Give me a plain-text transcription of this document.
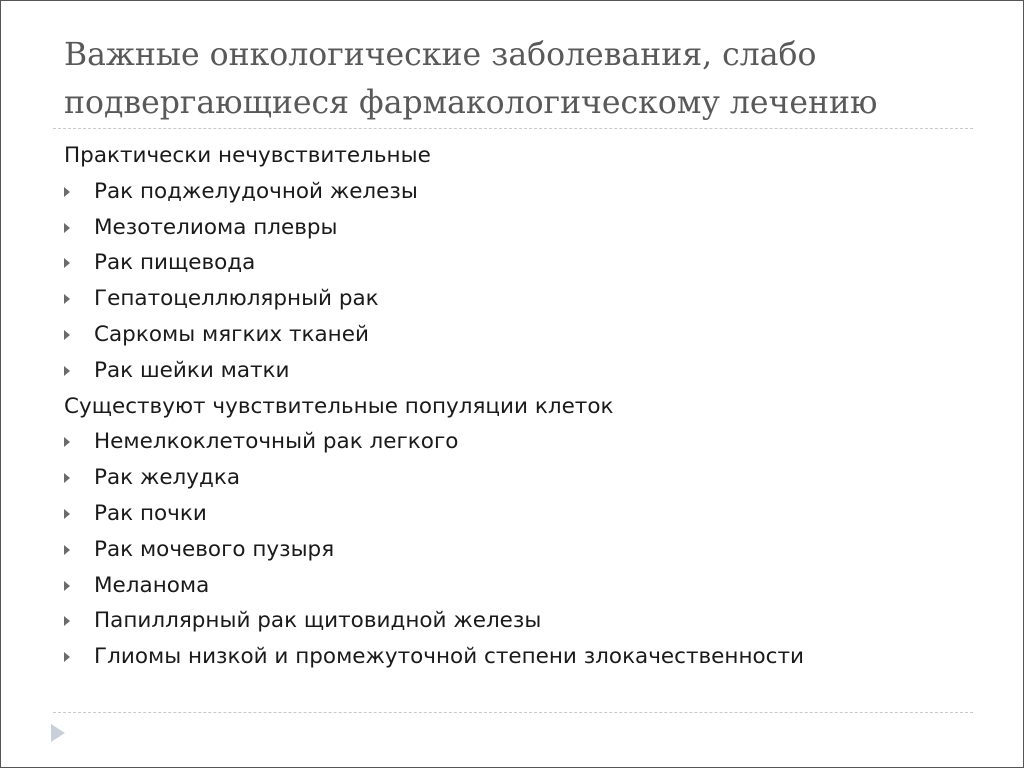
Важные онкологические заболевания, слабо
подвергающиеся фармакологическому лечению
Практически нечувствительные
Рак поджелудочной железы
Мезотелиома плевры
Рак пищевода
Гепатоцеллюлярный рак
Саркомы мягких тканей
Рак шейки матки
Существуют чувствительные популяции клеток
Немелкоклеточный рак легкого
Рак желудка
Рак почки
Рак мочевого пузыря
Меланома
Папиллярный рак щитовидной железы
Глиомы низкой и промежуточной степени злокачественности
